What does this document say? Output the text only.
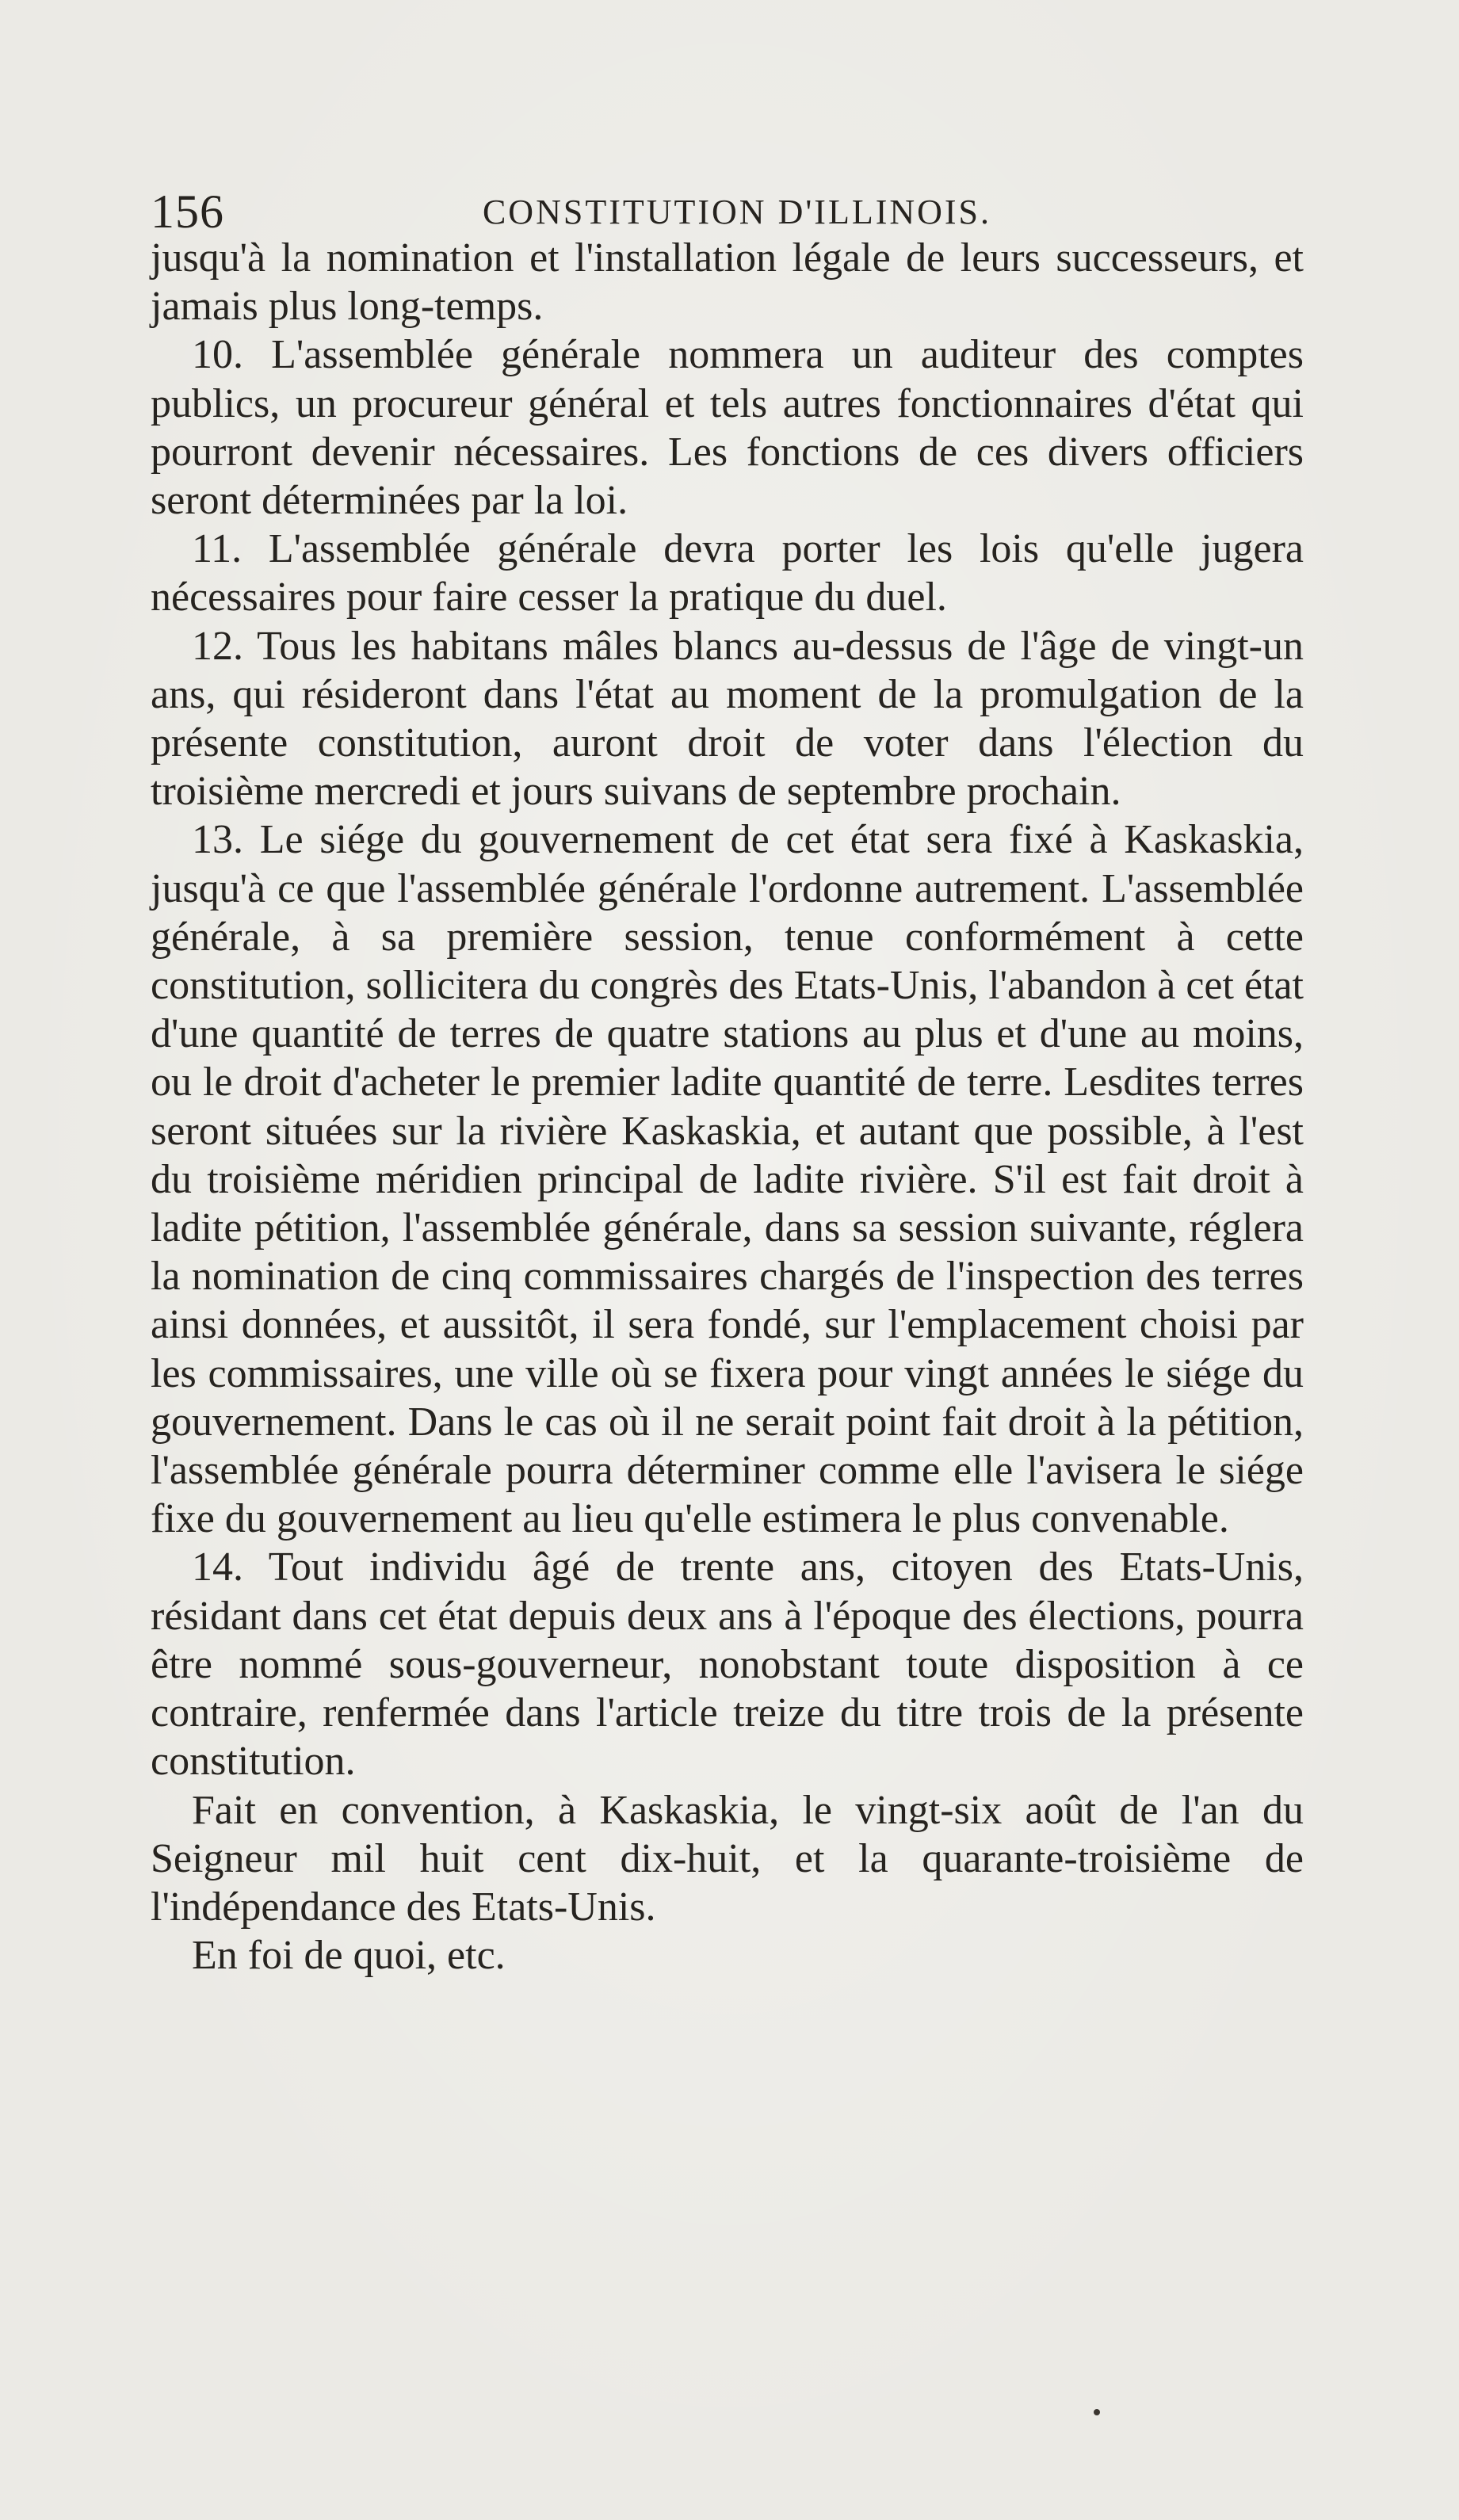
156	CONSTITUTION D'ILLINOIS.

jusqu'à la nomination et l'installation légale de leurs successeurs, et jamais plus long-temps.

10. L'assemblée générale nommera un auditeur des comptes publics, un procureur général et tels autres fonctionnaires d'état qui pourront devenir nécessaires. Les fonctions de ces divers officiers seront déterminées par la loi.

11. L'assemblée générale devra porter les lois qu'elle jugera nécessaires pour faire cesser la pratique du duel.

12. Tous les habitans mâles blancs au-dessus de l'âge de vingt-un ans, qui résideront dans l'état au moment de la promulgation de la présente constitution, auront droit de voter dans l'élection du troisième mercredi et jours suivans de septembre prochain.

13. Le siége du gouvernement de cet état sera fixé à Kaskaskia, jusqu'à ce que l'assemblée générale l'ordonne autrement. L'assemblée générale, à sa première session, tenue conformément à cette constitution, sollicitera du congrès des Etats-Unis, l'abandon à cet état d'une quantité de terres de quatre stations au plus et d'une au moins, ou le droit d'acheter le premier ladite quantité de terre. Lesdites terres seront situées sur la rivière Kaskaskia, et autant que possible, à l'est du troisième méridien principal de ladite rivière. S'il est fait droit à ladite pétition, l'assemblée générale, dans sa session suivante, réglera la nomination de cinq commissaires chargés de l'inspection des terres ainsi données, et aussitôt, il sera fondé, sur l'emplacement choisi par les commissaires, une ville où se fixera pour vingt années le siége du gouvernement. Dans le cas où il ne serait point fait droit à la pétition, l'assemblée générale pourra déterminer comme elle l'avisera le siége fixe du gouvernement au lieu qu'elle estimera le plus convenable.

14. Tout individu âgé de trente ans, citoyen des Etats-Unis, résidant dans cet état depuis deux ans à l'époque des élections, pourra être nommé sous-gouverneur, nonobstant toute disposition à ce contraire, renfermée dans l'article treize du titre trois de la présente constitution.

Fait en convention, à Kaskaskia, le vingt-six août de l'an du Seigneur mil huit cent dix-huit, et la quarante-troisième de l'indépendance des Etats-Unis.

En foi de quoi, etc.
